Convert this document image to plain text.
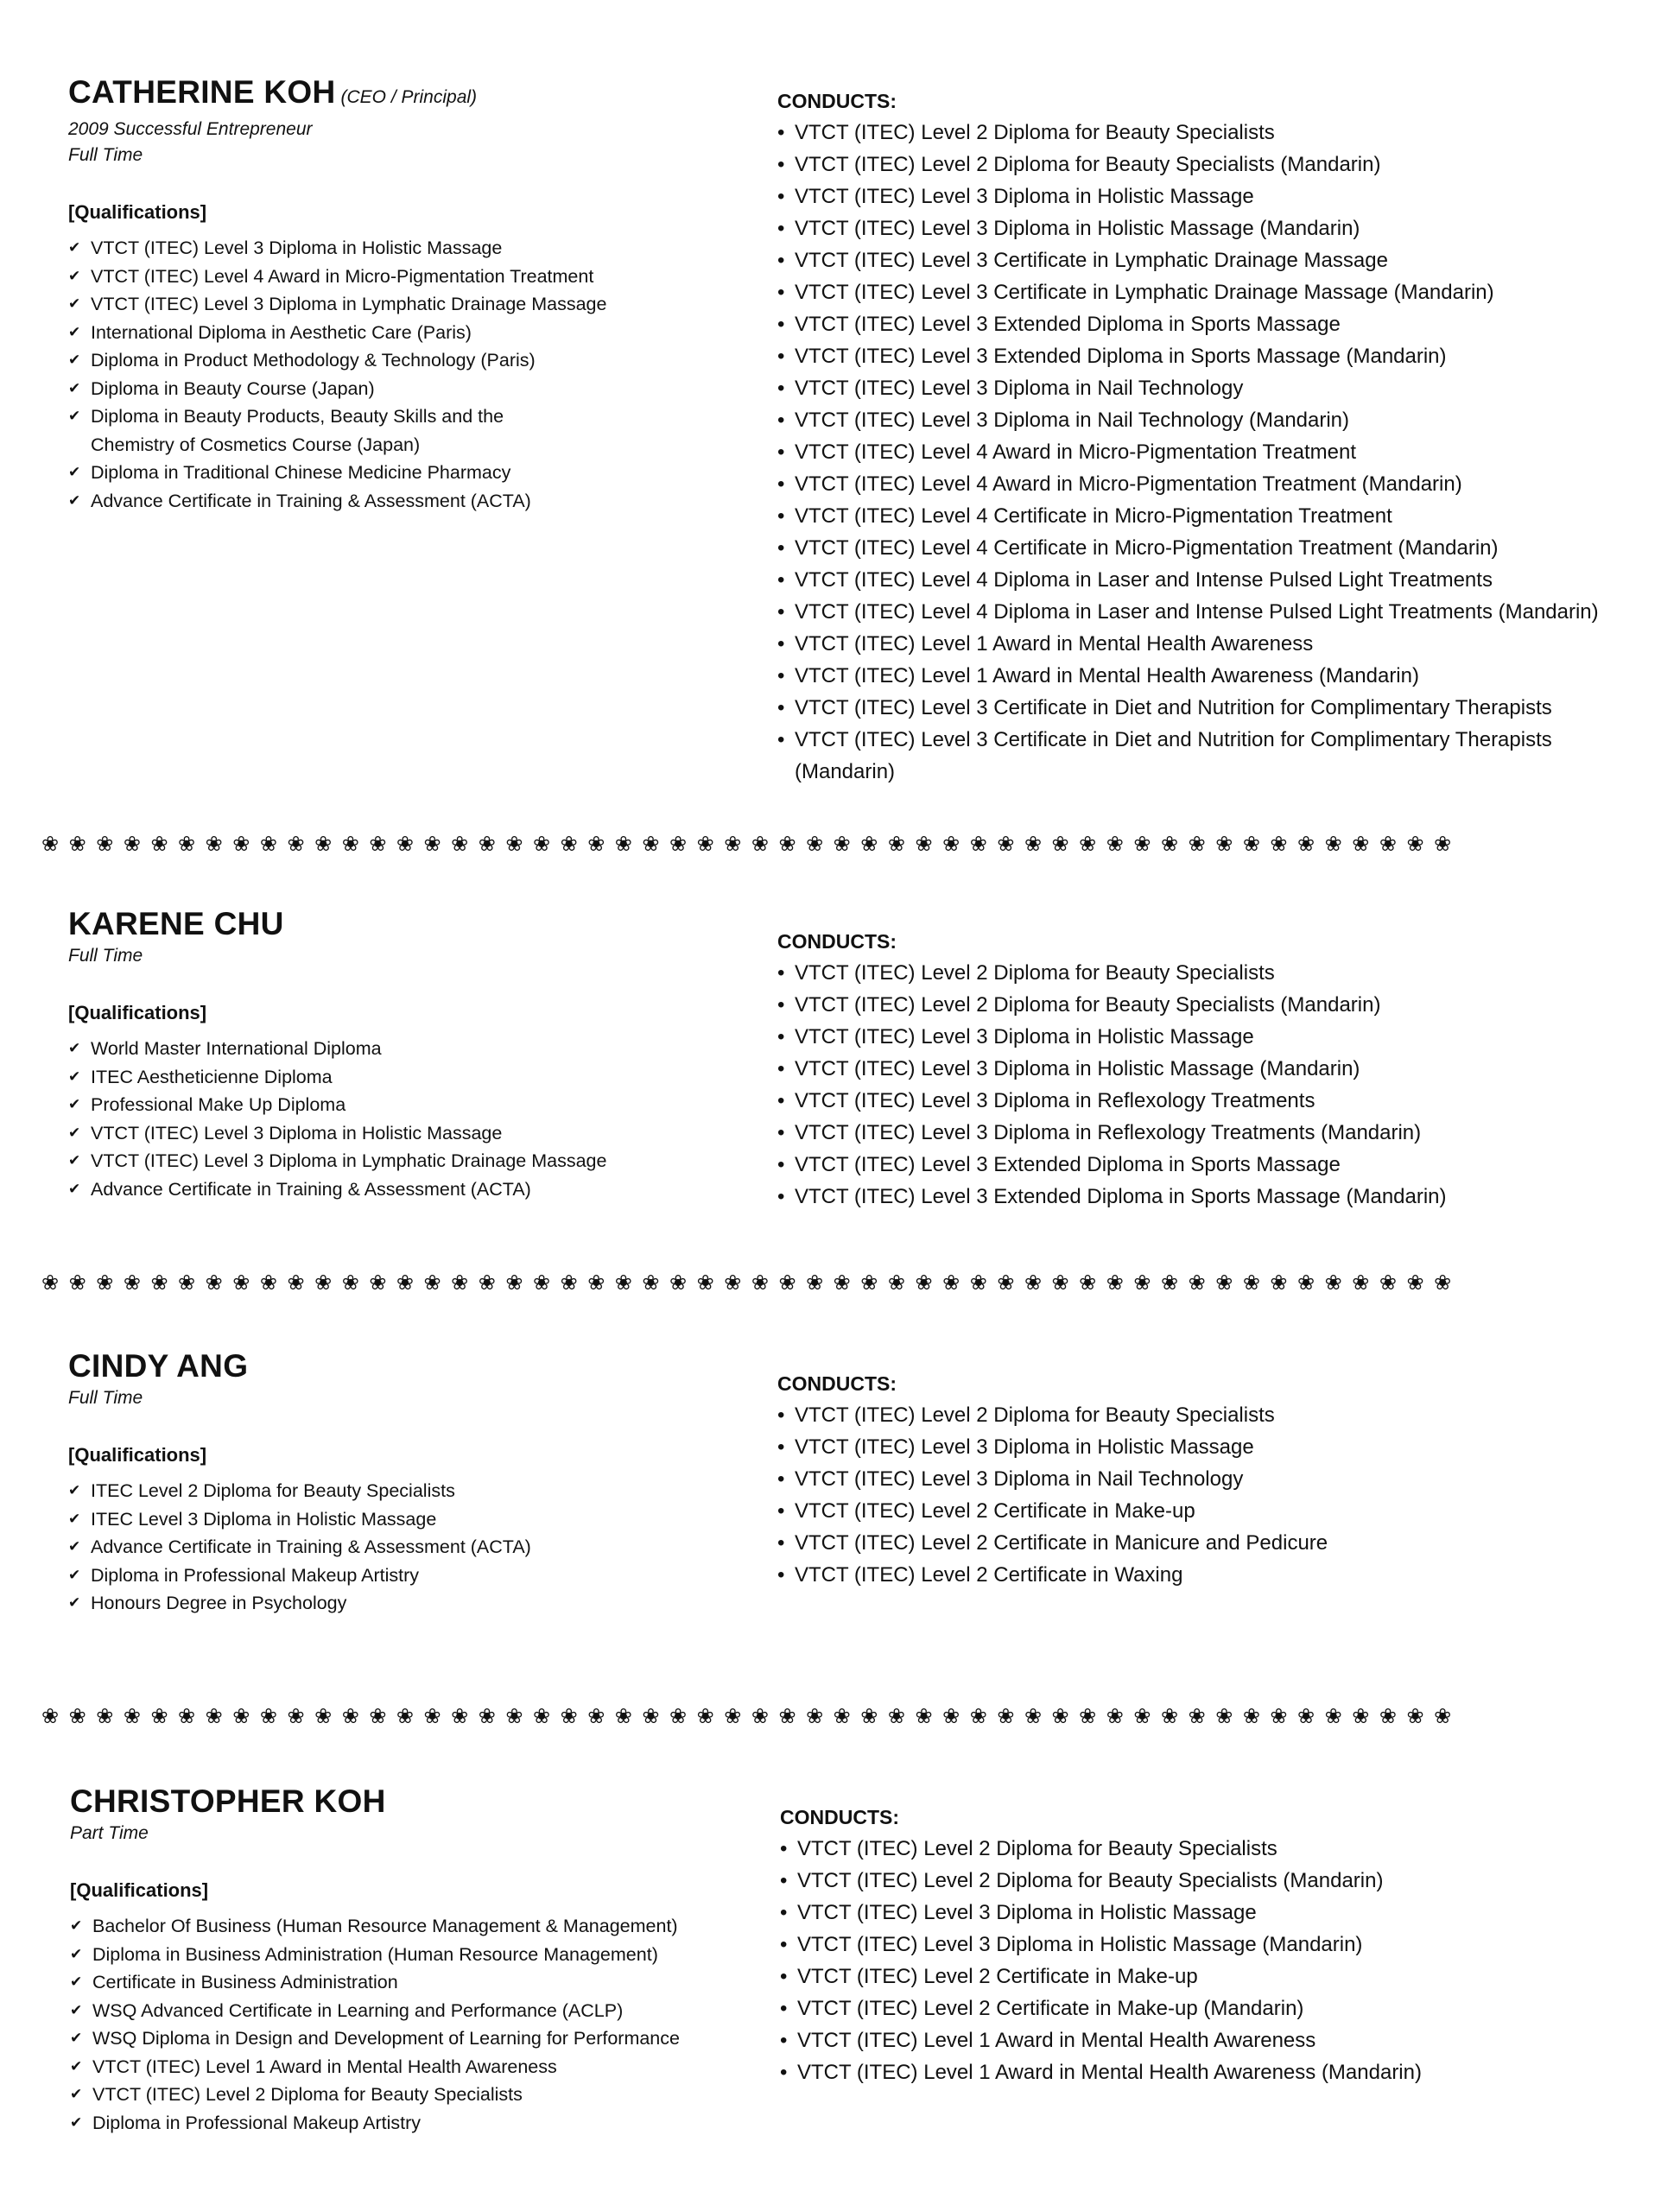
CATHERINE KOH (CEO / Principal)
2009 Successful Entrepreneur
Full Time
[Qualifications]
✔ VTCT (ITEC) Level 3 Diploma in Holistic Massage
✔ VTCT (ITEC) Level 4 Award in Micro-Pigmentation Treatment
✔ VTCT (ITEC) Level 3 Diploma in Lymphatic Drainage Massage
✔ International Diploma in Aesthetic Care (Paris)
✔ Diploma in Product Methodology & Technology (Paris)
✔ Diploma in Beauty Course (Japan)
✔ Diploma in Beauty Products, Beauty Skills and the Chemistry of Cosmetics Course (Japan)
✔ Diploma in Traditional Chinese Medicine Pharmacy
✔ Advance Certificate in Training & Assessment (ACTA)
CONDUCTS:
• VTCT (ITEC) Level 2 Diploma for Beauty Specialists
• VTCT (ITEC) Level 2 Diploma for Beauty Specialists (Mandarin)
• VTCT (ITEC) Level 3 Diploma in Holistic Massage
• VTCT (ITEC) Level 3 Diploma in Holistic Massage (Mandarin)
• VTCT (ITEC) Level 3 Certificate in Lymphatic Drainage Massage
• VTCT (ITEC) Level 3 Certificate in Lymphatic Drainage Massage (Mandarin)
• VTCT (ITEC) Level 3 Extended Diploma in Sports Massage
• VTCT (ITEC) Level 3 Extended Diploma in Sports Massage (Mandarin)
• VTCT (ITEC) Level 3 Diploma in Nail Technology
• VTCT (ITEC) Level 3 Diploma in Nail Technology (Mandarin)
• VTCT (ITEC) Level 4 Award in Micro-Pigmentation Treatment
• VTCT (ITEC) Level 4 Award in Micro-Pigmentation Treatment (Mandarin)
• VTCT (ITEC) Level 4 Certificate in Micro-Pigmentation Treatment
• VTCT (ITEC) Level 4 Certificate in Micro-Pigmentation Treatment (Mandarin)
• VTCT (ITEC) Level 4 Diploma in Laser and Intense Pulsed Light Treatments
• VTCT (ITEC) Level 4 Diploma in Laser and Intense Pulsed Light Treatments (Mandarin)
• VTCT (ITEC) Level 1 Award in Mental Health Awareness
• VTCT (ITEC) Level 1 Award in Mental Health Awareness (Mandarin)
• VTCT (ITEC) Level 3 Certificate in Diet and Nutrition for Complimentary Therapists
• VTCT (ITEC) Level 3 Certificate in Diet and Nutrition for Complimentary Therapists (Mandarin)
❀❀❀❀❀❀❀❀❀❀❀❀❀❀❀❀❀❀❀❀❀❀❀❀❀❀❀❀❀❀❀❀❀❀❀❀❀❀❀❀❀❀❀❀❀❀❀❀❀❀❀❀
KARENE CHU
Full Time
[Qualifications]
✔ World Master International Diploma
✔ ITEC Aestheticienne Diploma
✔ Professional Make Up Diploma
✔ VTCT (ITEC) Level 3 Diploma in Holistic Massage
✔ VTCT (ITEC) Level 3 Diploma in Lymphatic Drainage Massage
✔ Advance Certificate in Training & Assessment (ACTA)
CONDUCTS:
• VTCT (ITEC) Level 2 Diploma for Beauty Specialists
• VTCT (ITEC) Level 2 Diploma for Beauty Specialists (Mandarin)
• VTCT (ITEC) Level 3 Diploma in Holistic Massage
• VTCT (ITEC) Level 3 Diploma in Holistic Massage (Mandarin)
• VTCT (ITEC) Level 3 Diploma in Reflexology Treatments
• VTCT (ITEC) Level 3 Diploma in Reflexology Treatments (Mandarin)
• VTCT (ITEC) Level 3 Extended Diploma in Sports Massage
• VTCT (ITEC) Level 3 Extended Diploma in Sports Massage (Mandarin)
❀❀❀❀❀❀❀❀❀❀❀❀❀❀❀❀❀❀❀❀❀❀❀❀❀❀❀❀❀❀❀❀❀❀❀❀❀❀❀❀❀❀❀❀❀❀❀❀❀❀❀❀
CINDY ANG
Full Time
[Qualifications]
✔ ITEC Level 2 Diploma for Beauty Specialists
✔ ITEC Level 3 Diploma in Holistic Massage
✔ Advance Certificate in Training & Assessment (ACTA)
✔ Diploma in Professional Makeup Artistry
✔ Honours Degree in Psychology
CONDUCTS:
• VTCT (ITEC) Level 2 Diploma for Beauty Specialists
• VTCT (ITEC) Level 3 Diploma in Holistic Massage
• VTCT (ITEC) Level 3 Diploma in Nail Technology
• VTCT (ITEC) Level 2 Certificate in Make-up
• VTCT (ITEC) Level 2 Certificate in Manicure and Pedicure
• VTCT (ITEC) Level 2 Certificate in Waxing
❀❀❀❀❀❀❀❀❀❀❀❀❀❀❀❀❀❀❀❀❀❀❀❀❀❀❀❀❀❀❀❀❀❀❀❀❀❀❀❀❀❀❀❀❀❀❀❀❀❀❀❀
CHRISTOPHER KOH
Part Time
[Qualifications]
✔ Bachelor Of Business (Human Resource Management & Management)
✔ Diploma in Business Administration (Human Resource Management)
✔ Certificate in Business Administration
✔ WSQ Advanced Certificate in Learning and Performance (ACLP)
✔ WSQ Diploma in Design and Development of Learning for Performance
✔ VTCT (ITEC) Level 1 Award in Mental Health Awareness
✔ VTCT (ITEC) Level 2 Diploma for Beauty Specialists
✔ Diploma in Professional Makeup Artistry
CONDUCTS:
• VTCT (ITEC) Level 2 Diploma for Beauty Specialists
• VTCT (ITEC) Level 2 Diploma for Beauty Specialists (Mandarin)
• VTCT (ITEC) Level 3 Diploma in Holistic Massage
• VTCT (ITEC) Level 3 Diploma in Holistic Massage (Mandarin)
• VTCT (ITEC) Level 2 Certificate in Make-up
• VTCT (ITEC) Level 2 Certificate in Make-up (Mandarin)
• VTCT (ITEC) Level 1 Award in Mental Health Awareness
• VTCT (ITEC) Level 1 Award in Mental Health Awareness (Mandarin)
